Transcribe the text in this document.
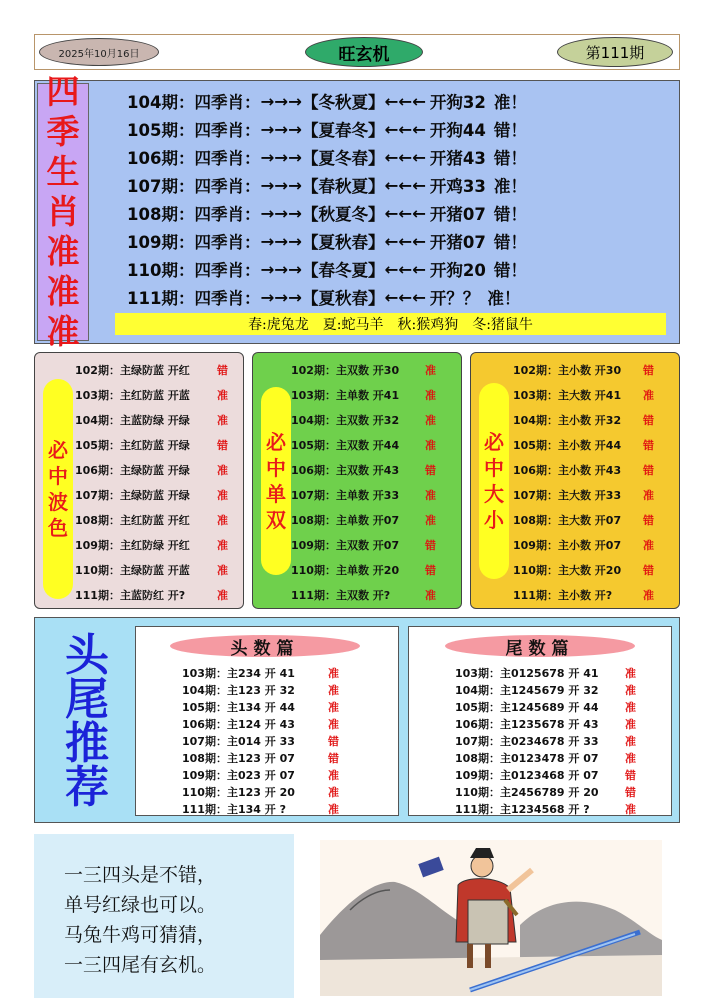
2025年10月16日	旺玄机	第111期
四
季
生
肖
准
准
准	春:虎兔龙　夏:蛇马羊　秋:猴鸡狗　冬:猪鼠牛
104期： 四季肖： →→→ 【冬秋夏】 ←←← 开狗32 准！
105期： 四季肖： →→→ 【夏春冬】 ←←← 开狗44 错！
106期： 四季肖： →→→ 【夏冬春】 ←←← 开猪43 错！
107期： 四季肖： →→→ 【春秋夏】 ←←← 开鸡33 准！
108期： 四季肖： →→→ 【秋夏冬】 ←←← 开猪07 错！
109期： 四季肖： →→→ 【夏秋春】 ←←← 开猪07 错！
110期： 四季肖： →→→ 【春冬夏】 ←←← 开狗20 错！
111期： 四季肖： →→→ 【夏秋春】 ←←← 开？？ 准！
必
中
波
色
102期：主绿防蓝 开红 错
103期：主红防蓝 开蓝 准
104期：主蓝防绿 开绿 准
105期：主红防蓝 开绿 错
106期：主绿防蓝 开绿 准
107期：主绿防蓝 开绿 准
108期：主红防蓝 开红 准
109期：主红防绿 开红 准
110期：主绿防蓝 开蓝 准
111期：主蓝防红 开?	准
必
中
单
双
102期：主双数 开30 准
103期：主单数 开41 准
104期：主双数 开32 准
105期：主双数 开44 准
106期：主双数 开43 错
107期：主单数 开33 准
108期：主单数 开07 准
109期：主双数 开07 错
110期：主单数 开20 错
111期：主双数 开?	准
必
中
大
小
102期：主小数 开30 错
103期：主大数 开41 准
104期：主小数 开32 错
105期：主小数 开44 错
106期：主小数 开43 错
107期：主大数 开33 准
108期：主大数 开07 错
109期：主小数 开07 准
110期：主大数 开20 错
111期：主小数 开?	准
头
尾
推
荐
头数篇
103期：主234 开 41	准
104期：主123 开 32	准
105期：主134 开 44	准
106期：主124 开 43	准
107期：主014 开 33	错
108期：主123 开 07	错
109期：主023 开 07	准
110期：主123 开 20	准
111期：主134 开 ?	准
尾数篇
103期：主0125678 开 41 准
104期：主1245679 开 32 准
105期：主1245689 开 44 准
106期：主1235678 开 43 准
107期：主0234678 开 33 准
108期：主0123478 开 07 准
109期：主0123468 开 07 错
110期：主2456789 开 20 错
111期：主1234568 开 ?	准
一三四头是不错，
单号红绿也可以。
马兔牛鸡可猜猜，
一三四尾有玄机。
